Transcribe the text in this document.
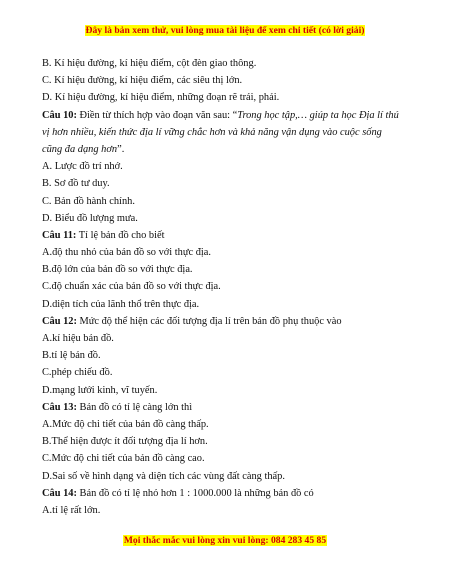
Đây là bản xem thử, vui lòng mua tài liệu để xem chi tiết (có lời giải)
B. Kí hiệu đường, kí hiệu điểm, cột đèn giao thông.
C. Kí hiệu đường, kí hiệu điểm, các siêu thị lớn.
D. Kí hiệu đường, kí hiệu điểm, những đoạn rẽ trái, phải.
Câu 10: Điền từ thích hợp vào đoạn văn sau: “Trong học tập,… giúp ta học Địa lí thú
vị hơn nhiều, kiến thức địa lí vững chắc hơn và khả năng vận dụng vào cuộc sống
cũng đa dạng hơn”.
A. Lược đồ trí nhớ.
B. Sơ đồ tư duy.
C. Bản đồ hành chính.
D. Biểu đồ lượng mưa.
Câu 11: Tỉ lệ bản đồ cho biết
A.độ thu nhỏ của bản đồ so với thực địa.
B.độ lớn của bản đồ so với thực địa.
C.độ chuẩn xác của bản đồ so với thực địa.
D.diện tích của lãnh thổ trên thực địa.
Câu 12: Mức độ thể hiện các đối tượng địa lí trên bản đồ phụ thuộc vào
A.kí hiệu bản đồ.
B.tỉ lệ bản đồ.
C.phép chiếu đồ.
D.mạng lưới kinh, vĩ tuyến.
Câu 13: Bản đồ có tỉ lệ càng lớn thì
A.Mức độ chi tiết của bản đồ càng thấp.
B.Thể hiện được ít đối tượng địa lí hơn.
C.Mức độ chi tiết của bản đồ càng cao.
D.Sai số về hình dạng và diện tích các vùng đất càng thấp.
Câu 14: Bản đồ có tỉ lệ nhỏ hơn 1 : 1000.000 là những bản đồ có
A.tỉ lệ rất lớn.
Mọi thắc mắc vui lòng xin vui lòng: 084 283 45 85
